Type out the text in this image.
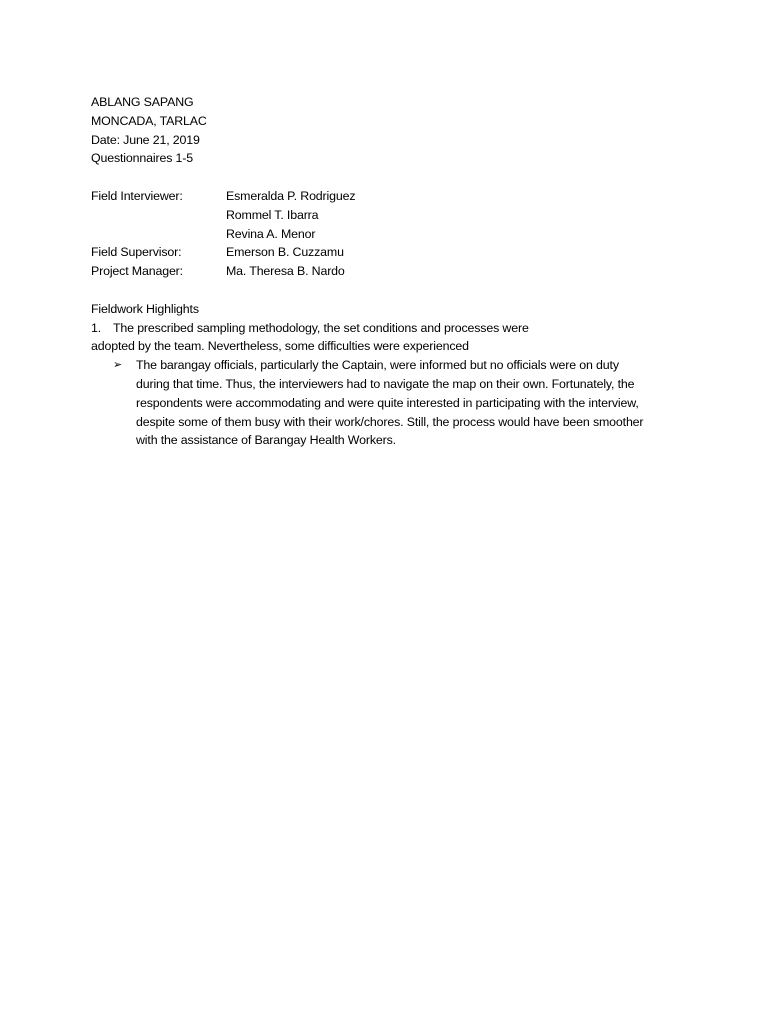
ABLANG SAPANG
MONCADA, TARLAC
Date: June 21, 2019
Questionnaires 1-5
Field Interviewer:	Esmeralda P. Rodriguez
Rommel T. Ibarra
Revina A. Menor
Field Supervisor:	Emerson B. Cuzzamu
Project Manager:	Ma. Theresa B. Nardo
Fieldwork Highlights
1. The prescribed sampling methodology, the set conditions and processes were
adopted by the team. Nevertheless, some difficulties were experienced
➢ The barangay officials, particularly the Captain, were informed but no officials were on duty
during that time. Thus, the interviewers had to navigate the map on their own. Fortunately, the
respondents were accommodating and were quite interested in participating with the interview,
despite some of them busy with their work/chores. Still, the process would have been smoother
with the assistance of Barangay Health Workers.
